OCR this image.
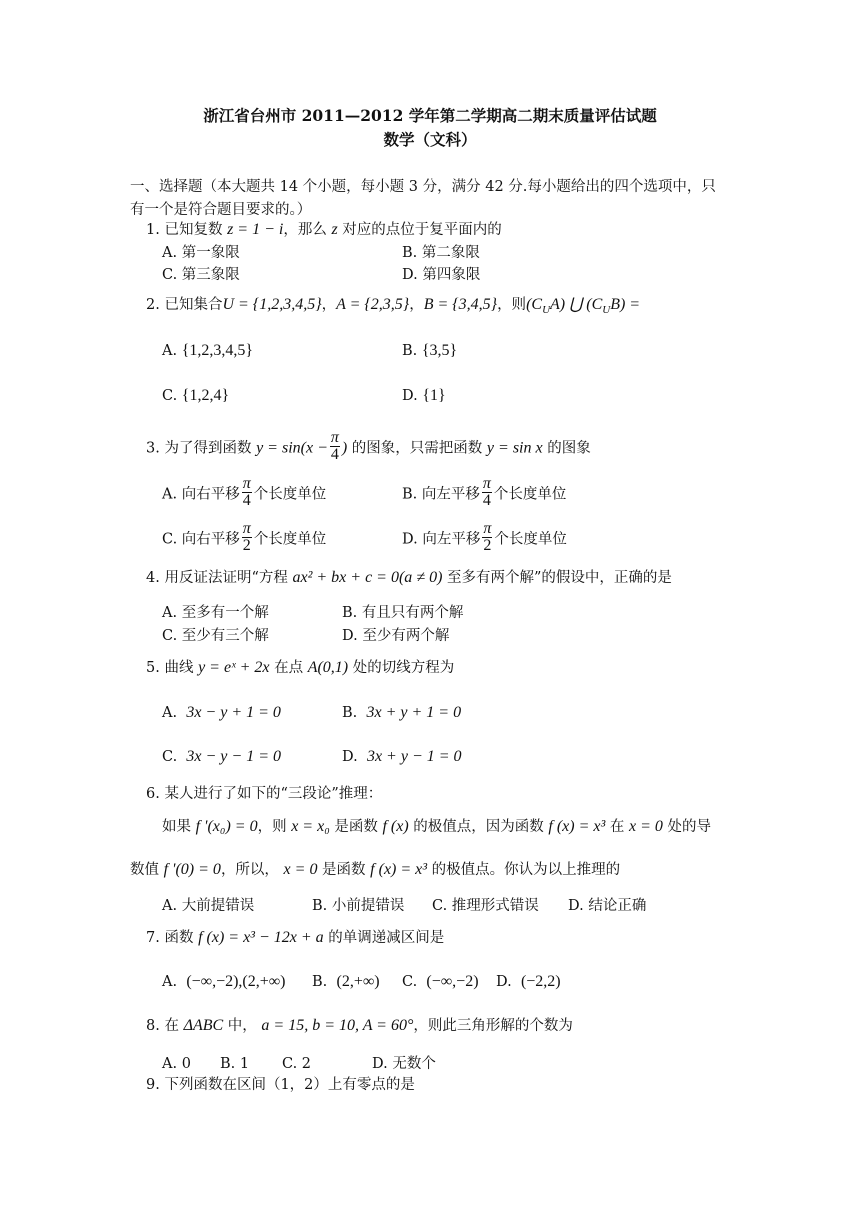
浙江省台州市 2011—2012 学年第二学期高二期末质量评估试题
数学（文科）
一、选择题（本大题共 14 个小题，每小题 3 分，满分 42 分.每小题给出的四个选项中，只
有一个是符合题目要求的。）
1. 已知复数 z = 1 − i，那么 z 对应的点位于复平面内的
A. 第一象限	B. 第二象限
C. 第三象限	D. 第四象限
2. 已知集合U = {1,2,3,4,5}，A = {2,3,5}，B = {3,4,5}，则$(C_UA)$ ⋃ $(C_UB)$ =
A. {1,2,3,4,5}	B. {3,5}
C. {1,2,4}	D. {1}
3. 为了得到函数 $y = \sin(x - \frac{\pi}{4}$ ) 的图象，只需把函数 y = sin x 的图象
A. 向右平移 $\frac{\pi}{4}$ 个长度单位	B. 向左平移 $\frac{\pi}{4}$ 个长度单位
C. 向右平移 $\frac{\pi}{2}$ 个长度单位	D. 向左平移 $\frac{\pi}{2}$ 个长度单位
4. 用反证法证明“方程 ax² + bx + c = 0(a ≠ 0) 至多有两个解”的假设中，正确的是
A. 至多有一个解	B. 有且只有两个解
C. 至少有三个解	D. 至少有两个解
5. 曲线 y = eˣ + 2x 在点 A(0,1) 处的切线方程为
A. 3x − y + 1 = 0	B. 3x + y + 1 = 0
C. 3x − y − 1 = 0	D. 3x + y − 1 = 0
6. 某人进行了如下的“三段论”推理：
如果 f '(x₀) = 0，则 x = x₀ 是函数 f (x) 的极值点，因为函数 f (x) = x³ 在 x = 0 处的导
数值 f '(0) = 0，所以， x = 0 是函数 f (x) = x³ 的极值点。你认为以上推理的
A. 大前提错误	B. 小前提错误 C. 推理形式错误 D. 结论正确
7. 函数 f (x) = x³ − 12x + a 的单调递减区间是
A. (−∞,−2),(2,+∞) B. (2,+∞) C. (−∞,−2) D. (−2,2)
8. 在 ΔABC 中， a = 15, b = 10, A = 60°，则此三角形解的个数为
A. 0 B. 1 C. 2	D. 无数个
9. 下列函数在区间（1，2）上有零点的是
